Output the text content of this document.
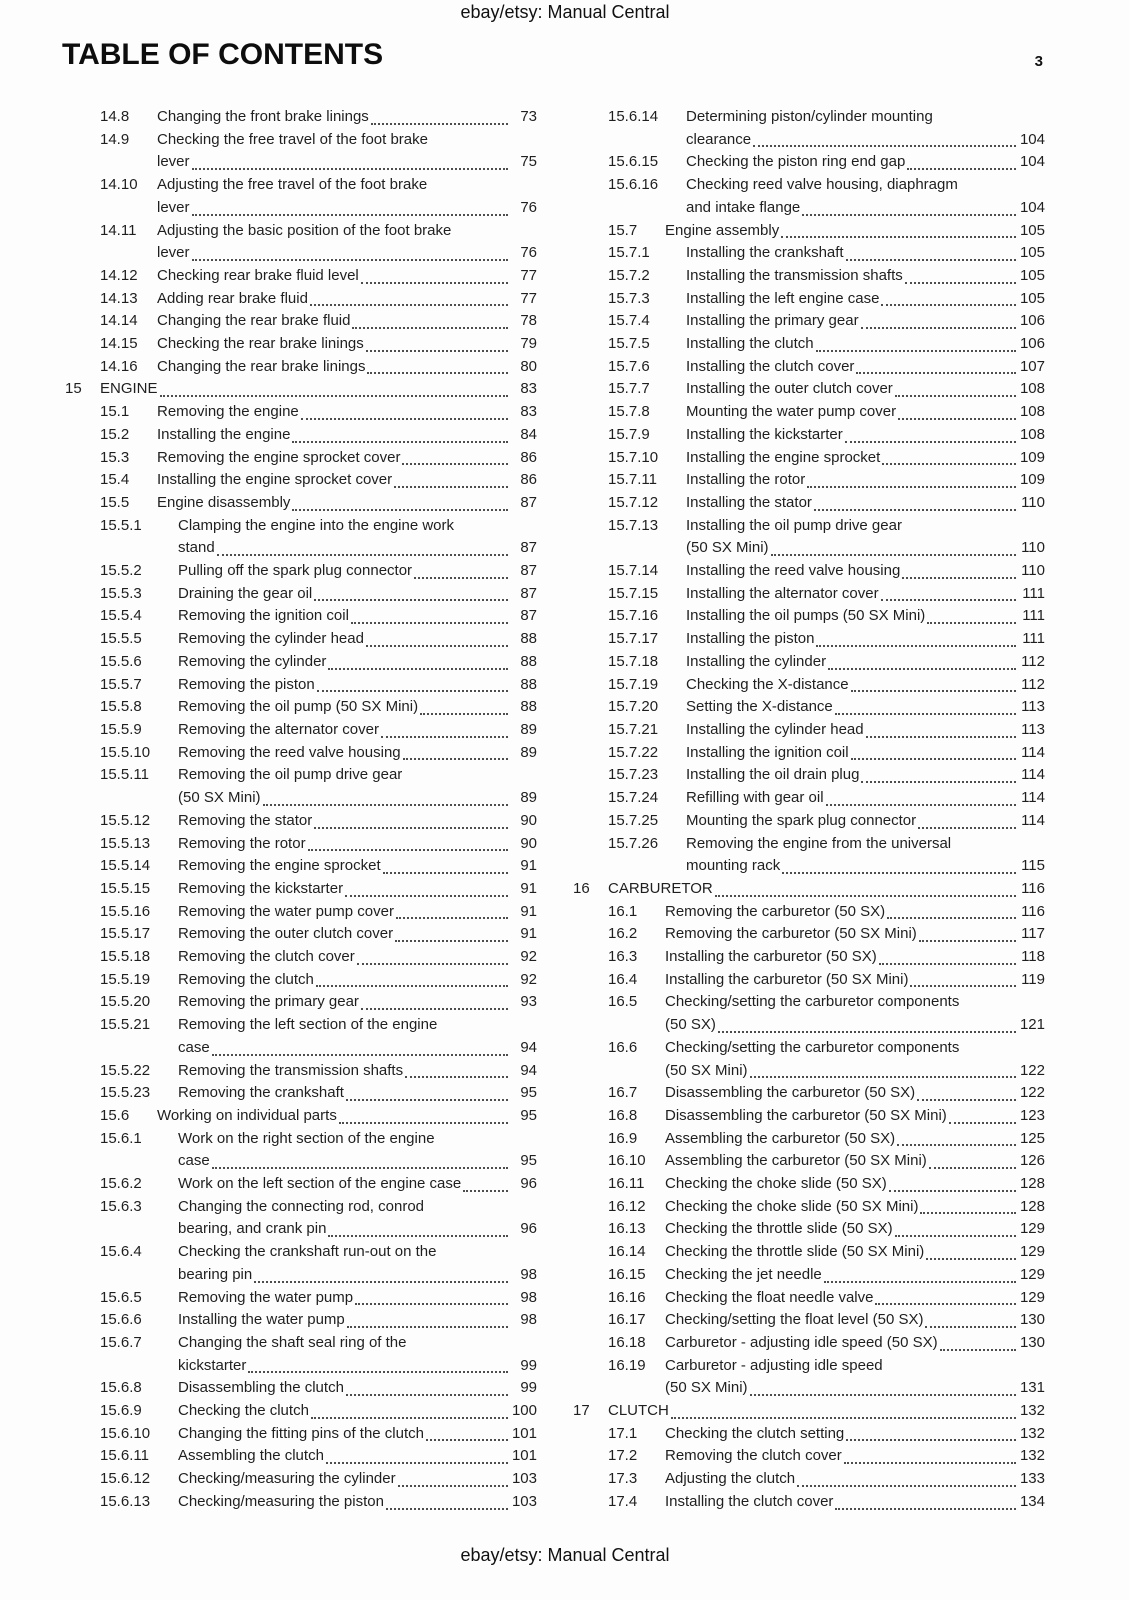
ebay/etsy: Manual Central
TABLE OF CONTENTS	3
14.8	Changing the front brake linings	73
14.9	Checking the free travel of the foot brake
lever	75
14.10	Adjusting the free travel of the foot brake
lever	76
14.11	Adjusting the basic position of the foot brake
lever	76
14.12	Checking rear brake fluid level	77
14.13	Adding rear brake fluid	77
14.14	Changing the rear brake fluid	78
14.15	Checking the rear brake linings	79
14.16	Changing the rear brake linings	80
15	ENGINE	83
15.1	Removing the engine	83
15.2	Installing the engine	84
15.3	Removing the engine sprocket cover	86
15.4	Installing the engine sprocket cover	86
15.5	Engine disassembly	87
15.5.1	Clamping the engine into the engine work
stand	87
15.5.2	Pulling off the spark plug connector	87
15.5.3	Draining the gear oil	87
15.5.4	Removing the ignition coil	87
15.5.5	Removing the cylinder head	88
15.5.6	Removing the cylinder	88
15.5.7	Removing the piston	88
15.5.8	Removing the oil pump (50 SX Mini)	88
15.5.9	Removing the alternator cover	89
15.5.10	Removing the reed valve housing	89
15.5.11	Removing the oil pump drive gear
(50 SX Mini)	89
15.5.12	Removing the stator	90
15.5.13	Removing the rotor	90
15.5.14	Removing the engine sprocket	91
15.5.15	Removing the kickstarter	91
15.5.16	Removing the water pump cover	91
15.5.17	Removing the outer clutch cover	91
15.5.18	Removing the clutch cover	92
15.5.19	Removing the clutch	92
15.5.20	Removing the primary gear	93
15.5.21	Removing the left section of the engine
case	94
15.5.22	Removing the transmission shafts	94
15.5.23	Removing the crankshaft	95
15.6	Working on individual parts	95
15.6.1	Work on the right section of the engine
case	95
15.6.2	Work on the left section of the engine case	96
15.6.3	Changing the connecting rod, conrod
bearing, and crank pin	96
15.6.4	Checking the crankshaft run-out on the
bearing pin	98
15.6.5	Removing the water pump	98
15.6.6	Installing the water pump	98
15.6.7	Changing the shaft seal ring of the
kickstarter	99
15.6.8	Disassembling the clutch	99
15.6.9	Checking the clutch	100
15.6.10	Changing the fitting pins of the clutch	101
15.6.11	Assembling the clutch	101
15.6.12	Checking/measuring the cylinder	103
15.6.13	Checking/measuring the piston	103
15.6.14	Determining piston/cylinder mounting
clearance	104
15.6.15	Checking the piston ring end gap	104
15.6.16	Checking reed valve housing, diaphragm
and intake flange	104
15.7	Engine assembly	105
15.7.1	Installing the crankshaft	105
15.7.2	Installing the transmission shafts	105
15.7.3	Installing the left engine case	105
15.7.4	Installing the primary gear	106
15.7.5	Installing the clutch	106
15.7.6	Installing the clutch cover	107
15.7.7	Installing the outer clutch cover	108
15.7.8	Mounting the water pump cover	108
15.7.9	Installing the kickstarter	108
15.7.10	Installing the engine sprocket	109
15.7.11	Installing the rotor	109
15.7.12	Installing the stator	110
15.7.13	Installing the oil pump drive gear
(50 SX Mini)	110
15.7.14	Installing the reed valve housing	110
15.7.15	Installing the alternator cover	111
15.7.16	Installing the oil pumps (50 SX Mini)	111
15.7.17	Installing the piston	111
15.7.18	Installing the cylinder	112
15.7.19	Checking the X-distance	112
15.7.20	Setting the X-distance	113
15.7.21	Installing the cylinder head	113
15.7.22	Installing the ignition coil	114
15.7.23	Installing the oil drain plug	114
15.7.24	Refilling with gear oil	114
15.7.25	Mounting the spark plug connector	114
15.7.26	Removing the engine from the universal
mounting rack	115
16	CARBURETOR	116
16.1	Removing the carburetor (50 SX)	116
16.2	Removing the carburetor (50 SX Mini)	117
16.3	Installing the carburetor (50 SX)	118
16.4	Installing the carburetor (50 SX Mini)	119
16.5	Checking/setting the carburetor components
(50 SX)	121
16.6	Checking/setting the carburetor components
(50 SX Mini)	122
16.7	Disassembling the carburetor (50 SX)	122
16.8	Disassembling the carburetor (50 SX Mini)	123
16.9	Assembling the carburetor (50 SX)	125
16.10	Assembling the carburetor (50 SX Mini)	126
16.11	Checking the choke slide (50 SX)	128
16.12	Checking the choke slide (50 SX Mini)	128
16.13	Checking the throttle slide (50 SX)	129
16.14	Checking the throttle slide (50 SX Mini)	129
16.15	Checking the jet needle	129
16.16	Checking the float needle valve	129
16.17	Checking/setting the float level (50 SX)	130
16.18	Carburetor - adjusting idle speed (50 SX)	130
16.19	Carburetor - adjusting idle speed
(50 SX Mini)	131
17	CLUTCH	132
17.1	Checking the clutch setting	132
17.2	Removing the clutch cover	132
17.3	Adjusting the clutch	133
17.4	Installing the clutch cover	134
ebay/etsy: Manual Central
